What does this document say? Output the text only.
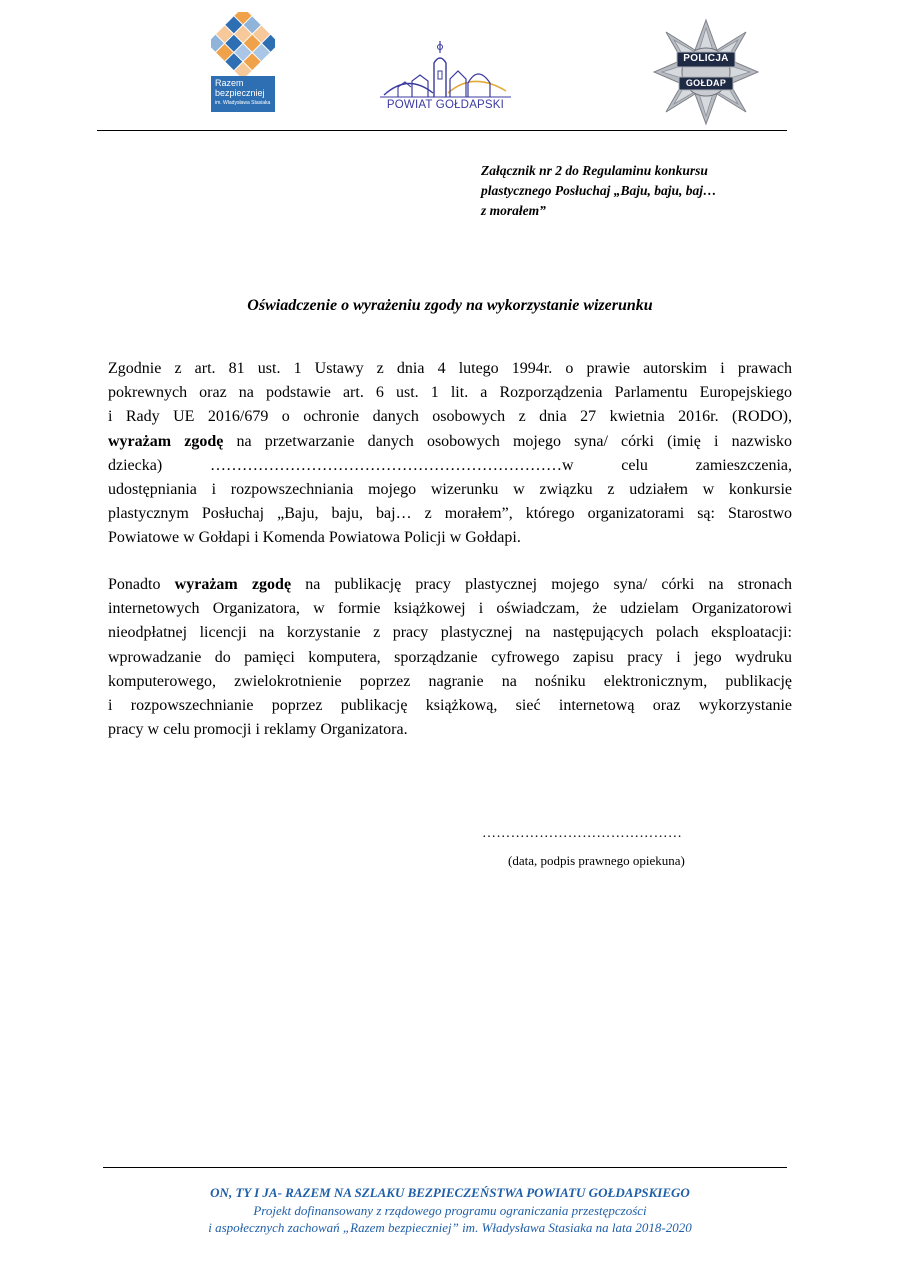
Razem
bezpieczniej
im. Władysława Stasiaka	POWIAT GOŁDAPSKI
POLICJA
GOŁDAP
Załącznik nr 2 do Regulaminu konkursu
plastycznego Posłuchaj „Baju, baju, baj…
z morałem”
Oświadczenie o wyrażeniu zgody na wykorzystanie wizerunku
Zgodnie z art. 81 ust. 1 Ustawy z dnia 4 lutego 1994r. o prawie autorskim i prawach
pokrewnych oraz na podstawie art. 6 ust. 1 lit. a Rozporządzenia Parlamentu Europejskiego
i Rady UE 2016/679 o ochronie danych osobowych z dnia 27 kwietnia 2016r. (RODO),
wyrażam zgodę na przetwarzanie danych osobowych mojego syna/ córki (imię i nazwisko
dziecka)	…………………………………………………………w celu zamieszczenia,
udostępniania i rozpowszechniania mojego wizerunku w związku z udziałem w konkursie
plastycznym Posłuchaj „Baju, baju, baj… z morałem”, którego organizatorami są: Starostwo
Powiatowe w Gołdapi i Komenda Powiatowa Policji w Gołdapi.
Ponadto wyrażam zgodę na publikację pracy plastycznej mojego syna/ córki na stronach
internetowych Organizatora, w formie książkowej i oświadczam, że udzielam Organizatorowi
nieodpłatnej licencji na korzystanie z pracy plastycznej na następujących polach eksploatacji:
wprowadzanie do pamięci komputera, sporządzanie cyfrowego zapisu pracy i jego wydruku
komputerowego, zwielokrotnienie poprzez nagranie na nośniku elektronicznym, publikację
i rozpowszechnianie poprzez publikację książkową, sieć internetową oraz wykorzystanie
pracy w celu promocji i reklamy Organizatora.
……………………………………
(data, podpis prawnego opiekuna)
ON, TY I JA- RAZEM NA SZLAKU BEZPIECZEŃSTWA POWIATU GOŁDAPSKIEGO
Projekt dofinansowany z rządowego programu ograniczania przestępczości
i aspołecznych zachowań „Razem bezpieczniej” im. Władysława Stasiaka na lata 2018-2020
